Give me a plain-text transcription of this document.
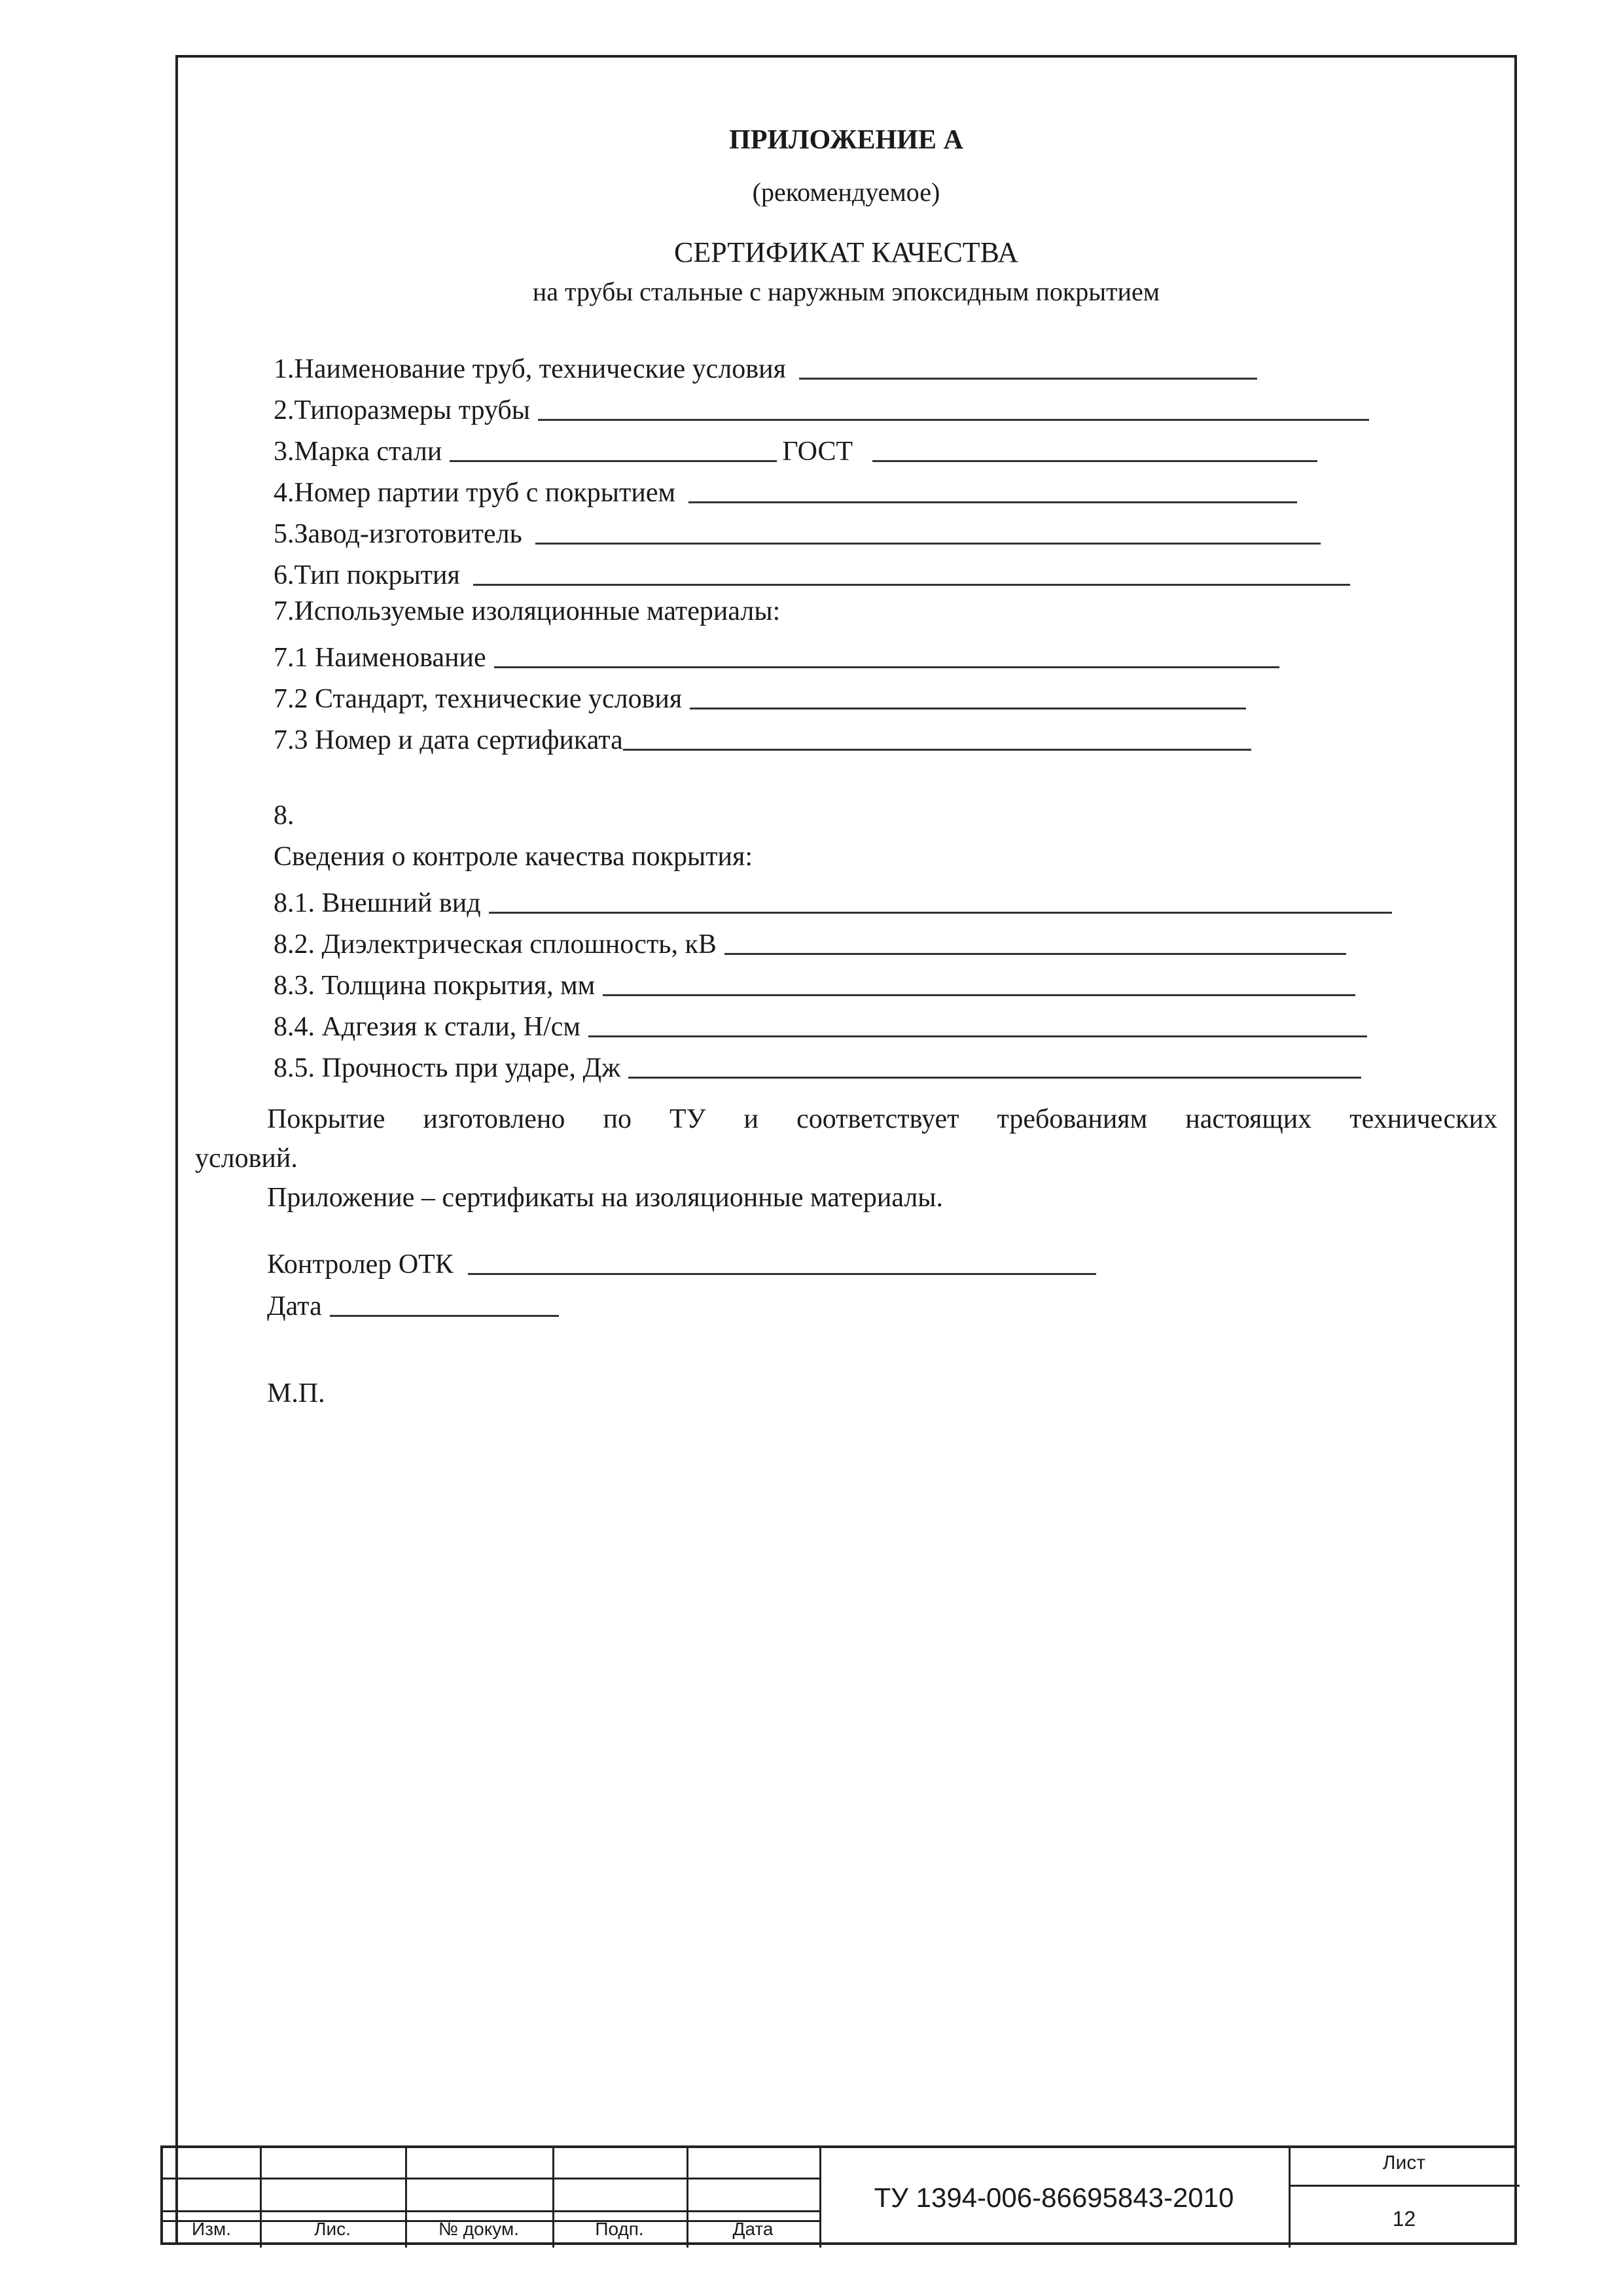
ПРИЛОЖЕНИЕ А
(рекомендуемое)
СЕРТИФИКАТ КАЧЕСТВА
на трубы стальные с наружным эпоксидным покрытием
1.Наименование труб, технические условия
2.Типоразмеры трубы
3.Марка стали	ГОСТ
4.Номер партии труб с покрытием
5.Завод-изготовитель
6.Тип покрытия
7.Используемые изоляционные материалы:
7.1 Наименование
7.2 Стандарт, технические условия
7.3 Номер и дата сертификата
8.
Сведения о контроле качества покрытия:
8.1. Внешний вид
8.2. Диэлектрическая сплошность, кВ
8.3. Толщина покрытия, мм
8.4. Адгезия к стали, Н/см
8.5. Прочность при ударе, Дж
Покрытие изготовлено по ТУ и соответствует требованиям настоящих технических
условий.
Приложение – сертификаты на изоляционные материалы.
Контролер ОТК
Дата
М.П.
Изм.	Лис.	№ докум.	Подп.	Дата
ТУ 1394-006-86695843-2010
Лист
12
